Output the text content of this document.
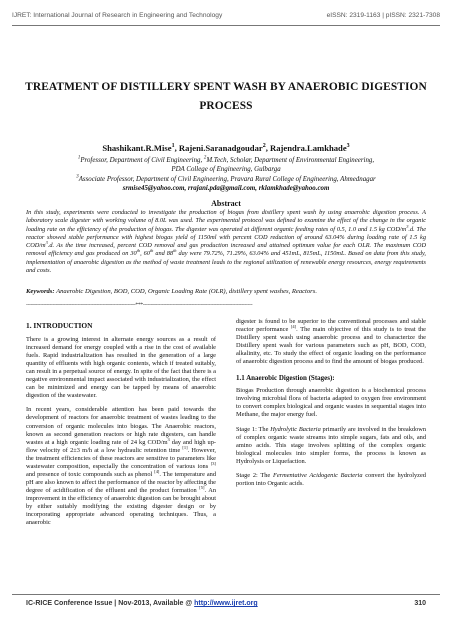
IJRET: International Journal of Research in Engineering and Technology	eISSN: 2319-1163 | pISSN: 2321-7308
TREATMENT OF DISTILLERY SPENT WASH BY ANAEROBIC DIGESTION PROCESS
Shashikant.R.Mise$^1$, Rajeni.Saranadgoudar$^2$, Rajendra.Lamkhade$^3$
$^1$Professor, Department of Civil Engineering, $^2$M.Tech, Scholar, Department of Environmental Engineering,
PDA College of Engineering, Gulbarga
$^3$Associate Professor, Department of Civil Engineering, Pravara Rural College of Engineering, Ahmednagar
srmise45@yahoo.com, rrajani.pda@gmail.com, rklamkhade@yahoo.com
Abstract
In this study, experiments were conducted to investigate the production of biogas from distillery spent wash by using anaerobic digestion process. A laboratory scale digester with working volume of 8.0L was used. The experimental protocol was defined to examine the effect of the change in the organic loading rate on the efficiency of the production of biogas. The digester was operated at different organic feeding rates of 0.5, 1.0 and 1.5 kg COD/$m^3.d$. The reactor showed stable performance with highest biogas yield of 1150ml with percent COD reduction of around 63.04% during loading rate of 1.5 kg COD/$m^3.d$. As the time increased, percent COD removal and gas production increased and attained optimum value for each OLR. The maximum COD removal efficiency and gas produced on 30th, 60th and 88th day were 79.72%, 71.29%, 63.04% and 451mL, 815mL, 1150mL. Based on data from this study, implementation of anaerobic digestion as the method of waste treatment leads to the regional utilization of renewable energy resources, energy requirements and costs.
Keywords: Anaerobic Digestion, BOD, COD, Organic Loading Rate (OLR), distillery spent washes, Reactors.
----------------------------------------------------------------------***----------------------------------------------------------------------
1. INTRODUCTION

There is a growing interest in alternate energy sources as a result of increased demand for energy coupled with a rise in the cost of available fuels. Rapid industrialization has resulted in the generation of a large quantity of effluents with high organic contents, which if treated suitably, can result in a perpetual source of energy. In spite of the fact that there is a negative environmental impact associated with industrialization, the effect can be minimized and energy can be tapped by means of anaerobic digestion of the wastewater.

In recent years, considerable attention has been paid towards the development of reactors for anaerobic treatment of wastes leading to the conversion of organic molecules into biogas. The Anaerobic reactors, known as second generation reactors or high rate digesters, can handle wastes at a high organic loading rate of 24 kg COD/$m^3$ day and high up-flow velocity of 2±3 m/h at a low hydraulic retention time [1]. However, the treatment efficiencies of these reactors are sensitive to parameters like wastewater composition, especially the concentration of various ions [3] and presence of toxic compounds such as phenol [4]. The temperature and pH are also known to affect the performance of the reactor by affecting the degree of acidification of the effluent and the product formation [5]. An improvement in the efficiency of anaerobic digestion can be brought about by either suitably modifying the existing digester design or by incorporating appropriate advanced operating techniques. Thus, a anaerobic

digester is found to be superior to the conventional processes and stable reactor performance [4]. The main objective of this study is to treat the Distillery spent wash using anaerobic process and to characterize the Distillery spent wash for various parameters such as pH, BOD, COD, alkalinity, etc. To study the effect of organic loading on the performance of anaerobic digestion process and to find the amount of biogas produced.

1.1 Anaerobic Digestion (Stages):

Biogas Production through anaerobic digestion is a biochemical process involving microbial flora of bacteria adapted to oxygen free environment to convert complex biological and organic wastes in sequential stages into Methane, the major energy fuel.

Stage 1: The Hydrolytic Bacteria primarily are involved in the breakdown of complex organic waste streams into simple sugars, fats and oils, and amino acids. This stage involves splitting of the complex organic biological molecules into simpler forms, the process is known as Hydrolysis or Liquefaction.

Stage 2: The Fermentative Acidogenic Bacteria convert the hydrolyzed portion into Organic acids.

IC-RICE Conference Issue | Nov-2013, Available @ http://www.ijret.org	310
